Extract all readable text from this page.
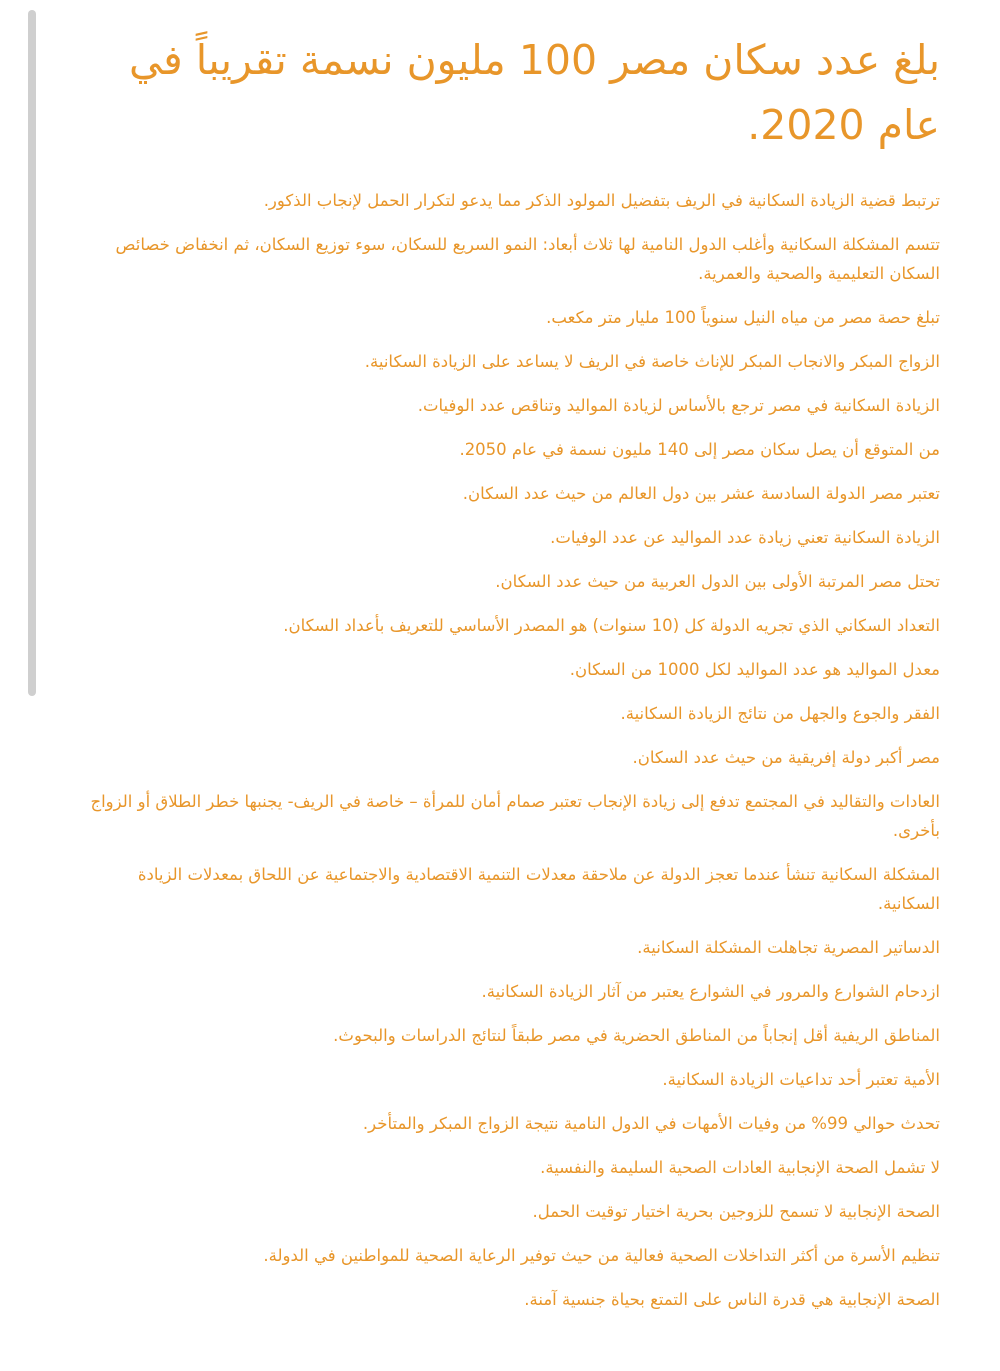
بلغ عدد سكان مصر 100 مليون نسمة تقريباً في عام 2020.

ترتبط قضية الزيادة السكانية في الريف بتفضيل المولود الذكر مما يدعو لتكرار الحمل لإنجاب الذكور.

تتسم المشكلة السكانية وأغلب الدول النامية لها ثلاث أبعاد: النمو السريع للسكان، سوء توزيع السكان، ثم انخفاض خصائص السكان التعليمية والصحية والعمرية.

تبلغ حصة مصر من مياه النيل سنوياً 100 مليار متر مكعب.

الزواج المبكر والانجاب المبكر للإناث خاصة في الريف لا يساعد على الزيادة السكانية.

الزيادة السكانية في مصر ترجع بالأساس لزيادة المواليد وتناقص عدد الوفيات.

من المتوقع أن يصل سكان مصر إلى 140 مليون نسمة في عام 2050.

تعتبر مصر الدولة السادسة عشر بين دول العالم من حيث عدد السكان.

الزيادة السكانية تعني زيادة عدد المواليد عن عدد الوفيات.

تحتل مصر المرتبة الأولى بين الدول العربية من حيث عدد السكان.

التعداد السكاني الذي تجريه الدولة كل (10 سنوات) هو المصدر الأساسي للتعريف بأعداد السكان.

معدل المواليد هو عدد المواليد لكل 1000 من السكان.

الفقر والجوع والجهل من نتائج الزيادة السكانية.

مصر أكبر دولة إفريقية من حيث عدد السكان.

العادات والتقاليد في المجتمع تدفع إلى زيادة الإنجاب تعتبر صمام أمان للمرأة – خاصة في الريف- يجنبها خطر الطلاق أو الزواج بأخرى.

المشكلة السكانية تنشأ عندما تعجز الدولة عن ملاحقة معدلات التنمية الاقتصادية والاجتماعية عن اللحاق بمعدلات الزيادة السكانية.

الدساتير المصرية تجاهلت المشكلة السكانية.

ازدحام الشوارع والمرور في الشوارع يعتبر من آثار الزيادة السكانية.

المناطق الريفية أقل إنجاباً من المناطق الحضرية في مصر طبقاً لنتائج الدراسات والبحوث.

الأمية تعتبر أحد تداعيات الزيادة السكانية.

تحدث حوالي 99% من وفيات الأمهات في الدول النامية نتيجة الزواج المبكر والمتأخر.

لا تشمل الصحة الإنجابية العادات الصحية السليمة والنفسية.

الصحة الإنجابية لا تسمح للزوجين بحرية اختيار توقيت الحمل.

تنظيم الأسرة من أكثر التداخلات الصحية فعالية من حيث توفير الرعاية الصحية للمواطنين في الدولة.

الصحة الإنجابية هي قدرة الناس على التمتع بحياة جنسية آمنة.
